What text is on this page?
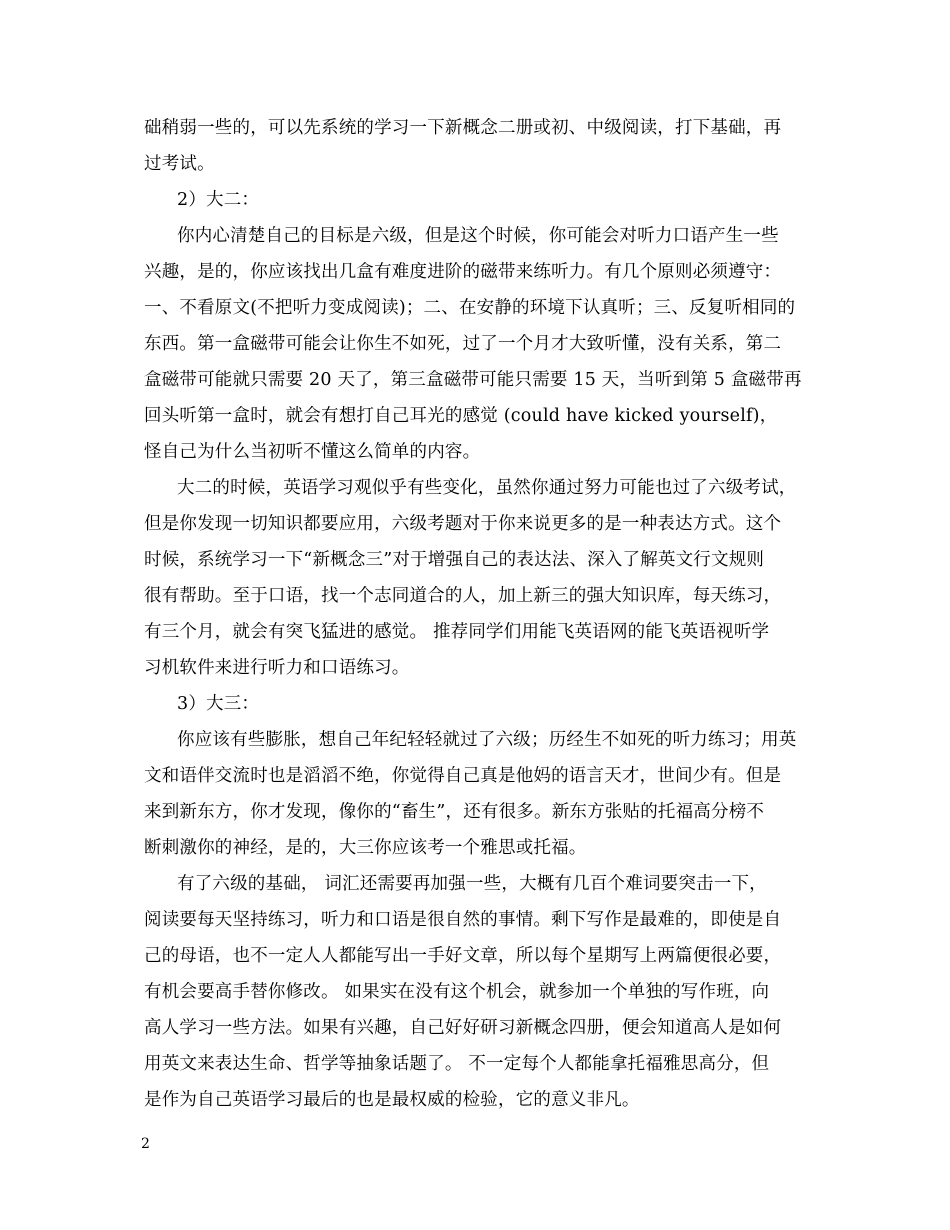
础稍弱一些的，可以先系统的学习一下新概念二册或初、中级阅读，打下基础，再
过考试。
2）大二：
你内心清楚自己的目标是六级，但是这个时候，你可能会对听力口语产生一些
兴趣，是的，你应该找出几盒有难度进阶的磁带来练听力。有几个原则必须遵守：
一、不看原文(不把听力变成阅读)；二、在安静的环境下认真听；三、反复听相同的
东西。第一盒磁带可能会让你生不如死，过了一个月才大致听懂，没有关系，第二
盒磁带可能就只需要 20 天了，第三盒磁带可能只需要 15 天，当听到第 5 盒磁带再
回头听第一盒时，就会有想打自己耳光的感觉 (could have kicked yourself)，
怪自己为什么当初听不懂这么简单的内容。
大二的时候，英语学习观似乎有些变化，虽然你通过努力可能也过了六级考试，
但是你发现一切知识都要应用，六级考题对于你来说更多的是一种表达方式。这个
时候，系统学习一下“新概念三”对于增强自己的表达法、深入了解英文行文规则
很有帮助。至于口语，找一个志同道合的人，加上新三的强大知识库，每天练习，
有三个月，就会有突飞猛进的感觉。 推荐同学们用能飞英语网的能飞英语视听学
习机软件来进行听力和口语练习。
3）大三：
你应该有些膨胀，想自己年纪轻轻就过了六级；历经生不如死的听力练习；用英
文和语伴交流时也是滔滔不绝，你觉得自己真是他妈的语言天才，世间少有。但是
来到新东方，你才发现，像你的“畜生”，还有很多。新东方张贴的托福高分榜不
断刺激你的神经，是的，大三你应该考一个雅思或托福。
有了六级的基础， 词汇还需要再加强一些，大概有几百个难词要突击一下，
阅读要每天坚持练习，听力和口语是很自然的事情。剩下写作是最难的，即使是自
己的母语，也不一定人人都能写出一手好文章，所以每个星期写上两篇便很必要，
有机会要高手替你修改。 如果实在没有这个机会，就参加一个单独的写作班，向
高人学习一些方法。如果有兴趣，自己好好研习新概念四册，便会知道高人是如何
用英文来表达生命、哲学等抽象话题了。 不一定每个人都能拿托福雅思高分，但
是作为自己英语学习最后的也是最权威的检验，它的意义非凡。
2
